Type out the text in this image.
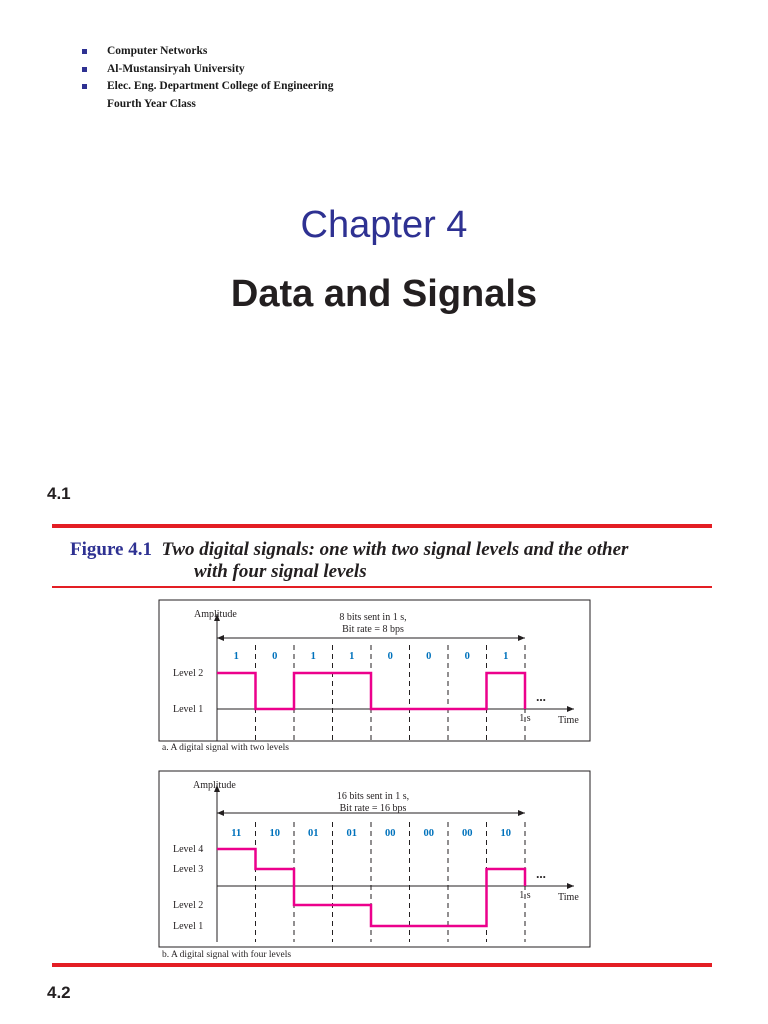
Computer Networks
Al-Mustansiryah University
Elec. Eng. Department College of Engineering
Fourth Year Class
Chapter 4
Data and Signals
4.1
Figure 4.1 Two digital signals: one with two signal levels and the other
with four signal levels
Amplitude
Time
8 bits sent in 1 s,
Bit rate = 8 bps
1	0	1	1	0	0	0	1
Level 2
Level 1
1 s
...
a. A digital signal with two levels
Amplitude
Time
16 bits sent in 1 s,
Bit rate = 16 bps
11	10	01	01	00	00	00	10
Level 4
Level 3
Level 2
Level 1
1 s
...
b. A digital signal with four levels
4.2
